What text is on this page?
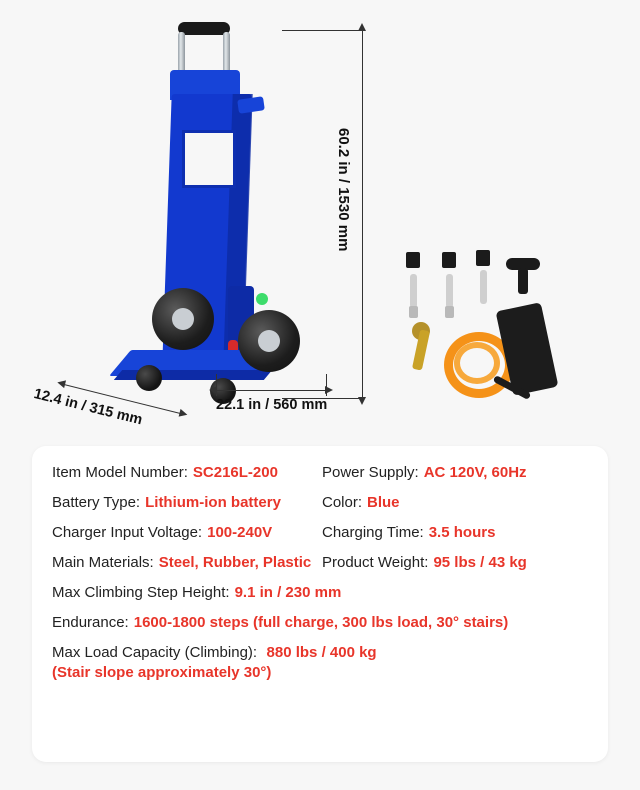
60.2 in / 1530 mm
22.1 in / 560 mm
12.4 in / 315 mm
Item Model Number: SC216L-200	Power Supply: AC 120V, 60Hz
Battery Type: Lithium-ion battery	Color: Blue
Charger Input Voltage: 100-240V	Charging Time: 3.5 hours
Main Materials: Steel, Rubber, Plastic Product Weight: 95 lbs / 43 kg
Max Climbing Step Height: 9.1 in / 230 mm
Endurance: 1600-1800 steps (full charge, 300 lbs load, 30° stairs)
Max Load Capacity (Climbing): 880 lbs / 400 kg
(Stair slope approximately 30°)
